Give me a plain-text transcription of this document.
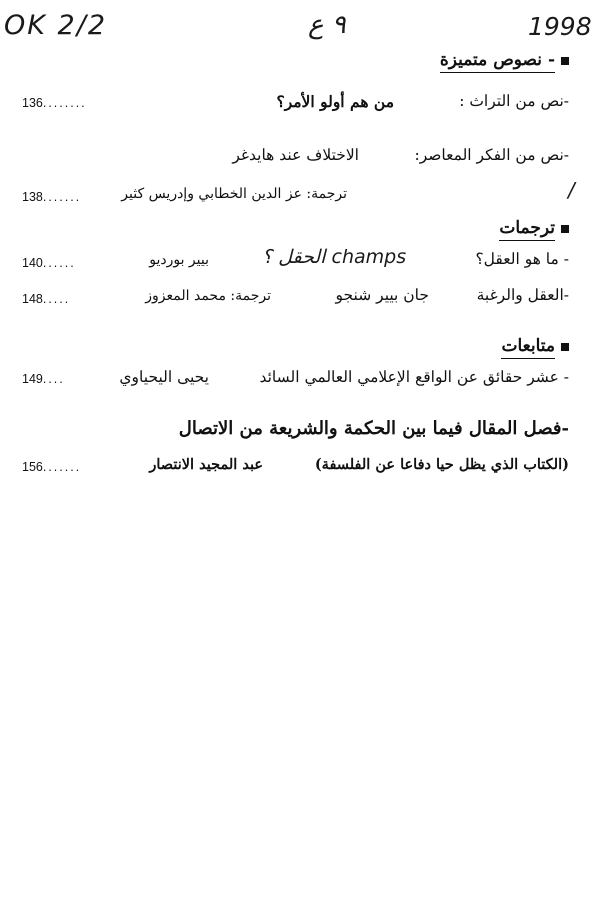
OK 2/2	٩ ع	1998
/
- نصوص متميزة
-نص من التراث :
من هم أولو الأمر؟
136........
-نص من الفكر المعاصر:
الاختلاف عند هايدغر
ترجمة: عز الدين الخطابي وإدريس كثير
138.......
ترجمات
- ما هو العقل؟
الحقل ؟ champs
بيير بورديو
140......
-العقل والرغبة
جان بيير شنجو
ترجمة: محمد المعزوز
148.....
متابعات
- عشر حقائق عن الواقع الإعلامي العالمي السائد
يحيى اليحياوي
149....
-فصل المقال فيما بين الحكمة والشريعة من الاتصال
(الكتاب الذي يظل حيا دفاعا عن الفلسفة)
عبد المجيد الانتصار
156.......
